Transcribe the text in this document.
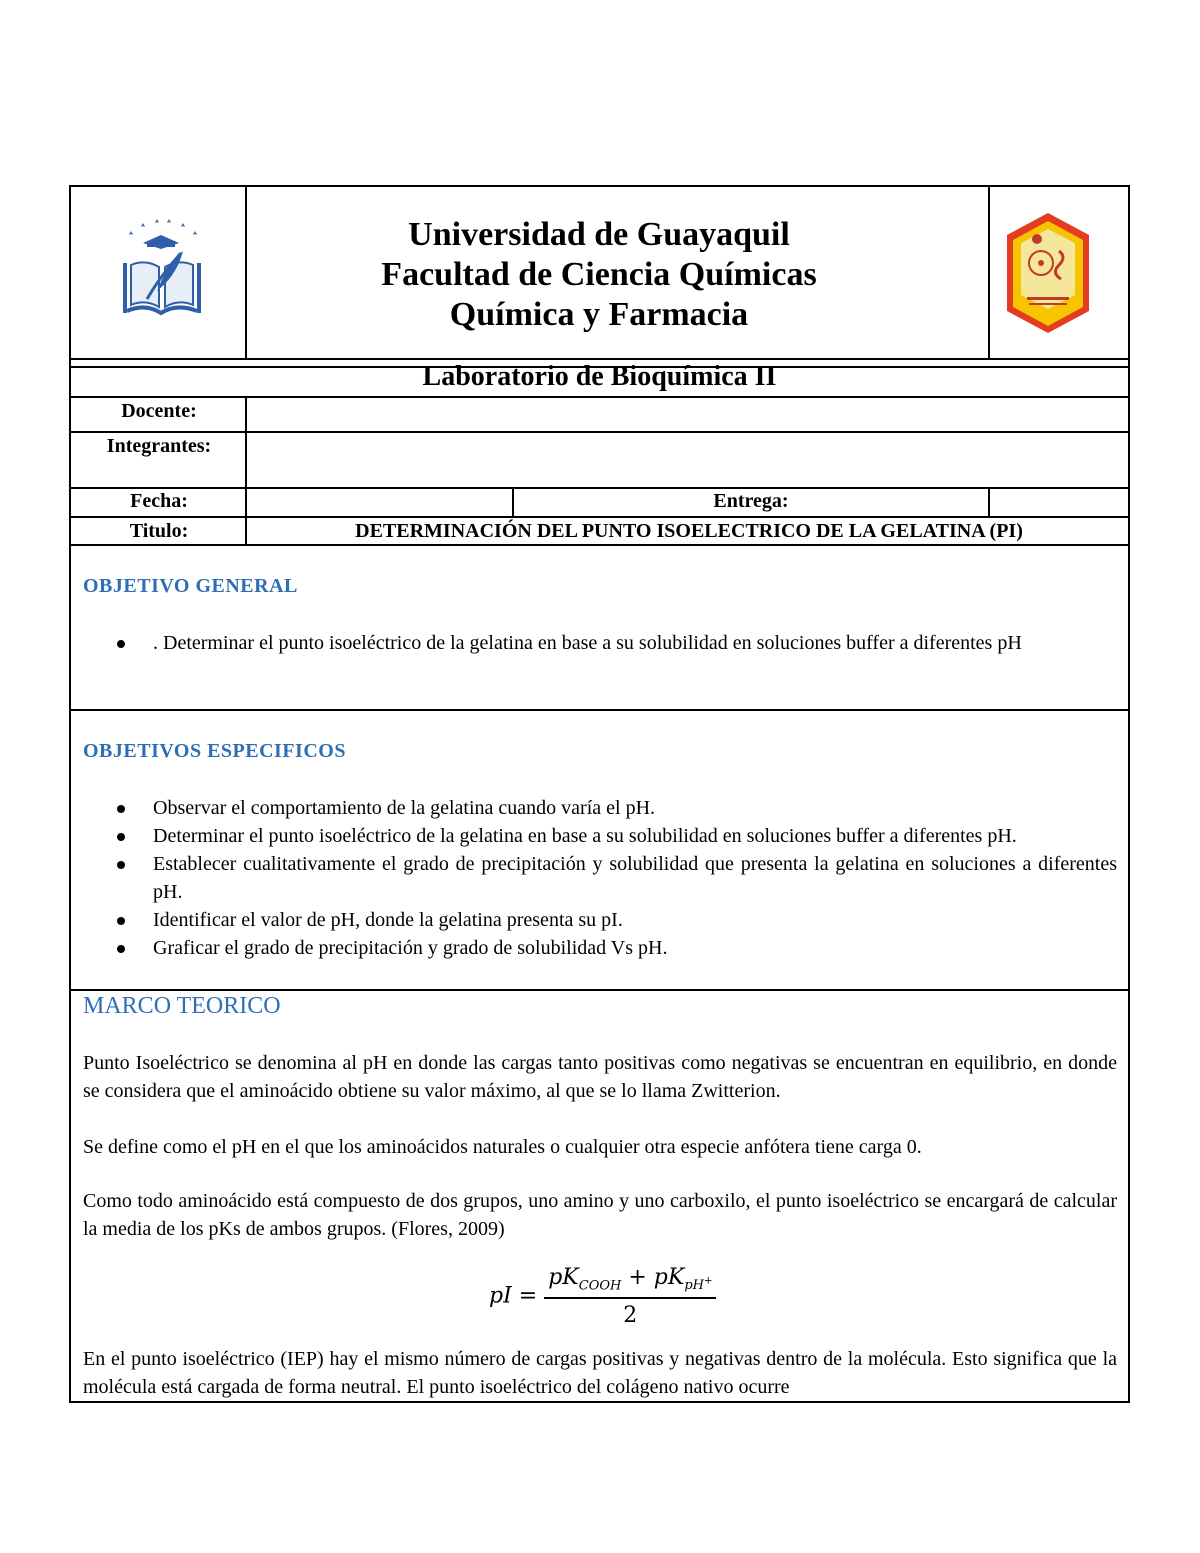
Universidad de Guayaquil
Facultad de Ciencia Químicas
Química y Farmacia
Laboratorio de Bioquímica II
Docente:
Integrantes:
Fecha:	Entrega:
Titulo:	DETERMINACIÓN DEL PUNTO ISOELECTRICO DE LA GELATINA (PI)
OBJETIVO GENERAL
. Determinar el punto isoeléctrico de la gelatina en base a su solubilidad en soluciones buffer a diferentes pH
OBJETIVOS ESPECIFICOS
Observar el comportamiento de la gelatina cuando varía el pH.
Determinar el punto isoeléctrico de la gelatina en base a su solubilidad en soluciones buffer a diferentes pH.
Establecer cualitativamente el grado de precipitación y solubilidad que presenta la gelatina en soluciones a diferentes pH.
Identificar el valor de pH, donde la gelatina presenta su pI.
Graficar el grado de precipitación y grado de solubilidad Vs pH.
MARCO TEORICO
Punto Isoeléctrico se denomina al pH en donde las cargas tanto positivas como negativas se encuentran en equilibrio, en donde se considera que el aminoácido obtiene su valor máximo, al que se lo llama Zwitterion.
Se define como el pH en el que los aminoácidos naturales o cualquier otra especie anfótera tiene carga 0.
Como todo aminoácido está compuesto de dos grupos, uno amino y uno carboxilo, el punto isoeléctrico se encargará de calcular la media de los pKs de ambos grupos. (Flores, 2009)
pI = $\frac{pK_{COOH} + pK_{pH^+}}{2}$
En el punto isoeléctrico (IEP) hay el mismo número de cargas positivas y negativas dentro de la molécula. Esto significa que la molécula está cargada de forma neutral. El punto isoeléctrico del colágeno nativo ocurre
